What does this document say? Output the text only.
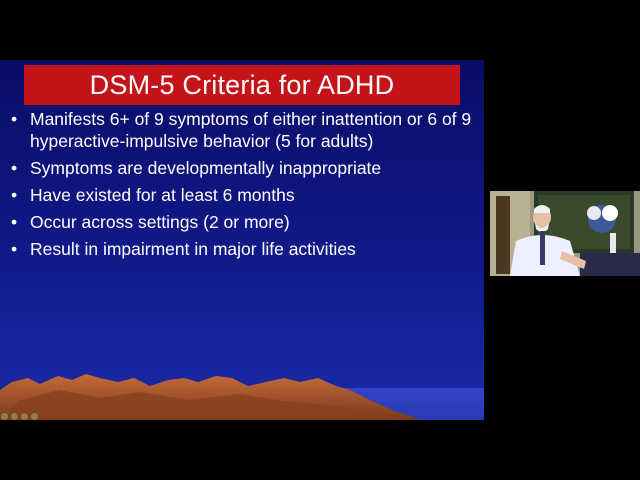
DSM-5 Criteria for ADHD
• Manifests 6+ of 9 symptoms of either inattention or 6 of 9 hyperactive-impulsive behavior (5 for adults)
• Symptoms are developmentally inappropriate
• Have existed for at least 6 months
• Occur across settings (2 or more)
• Result in impairment in major life activities
